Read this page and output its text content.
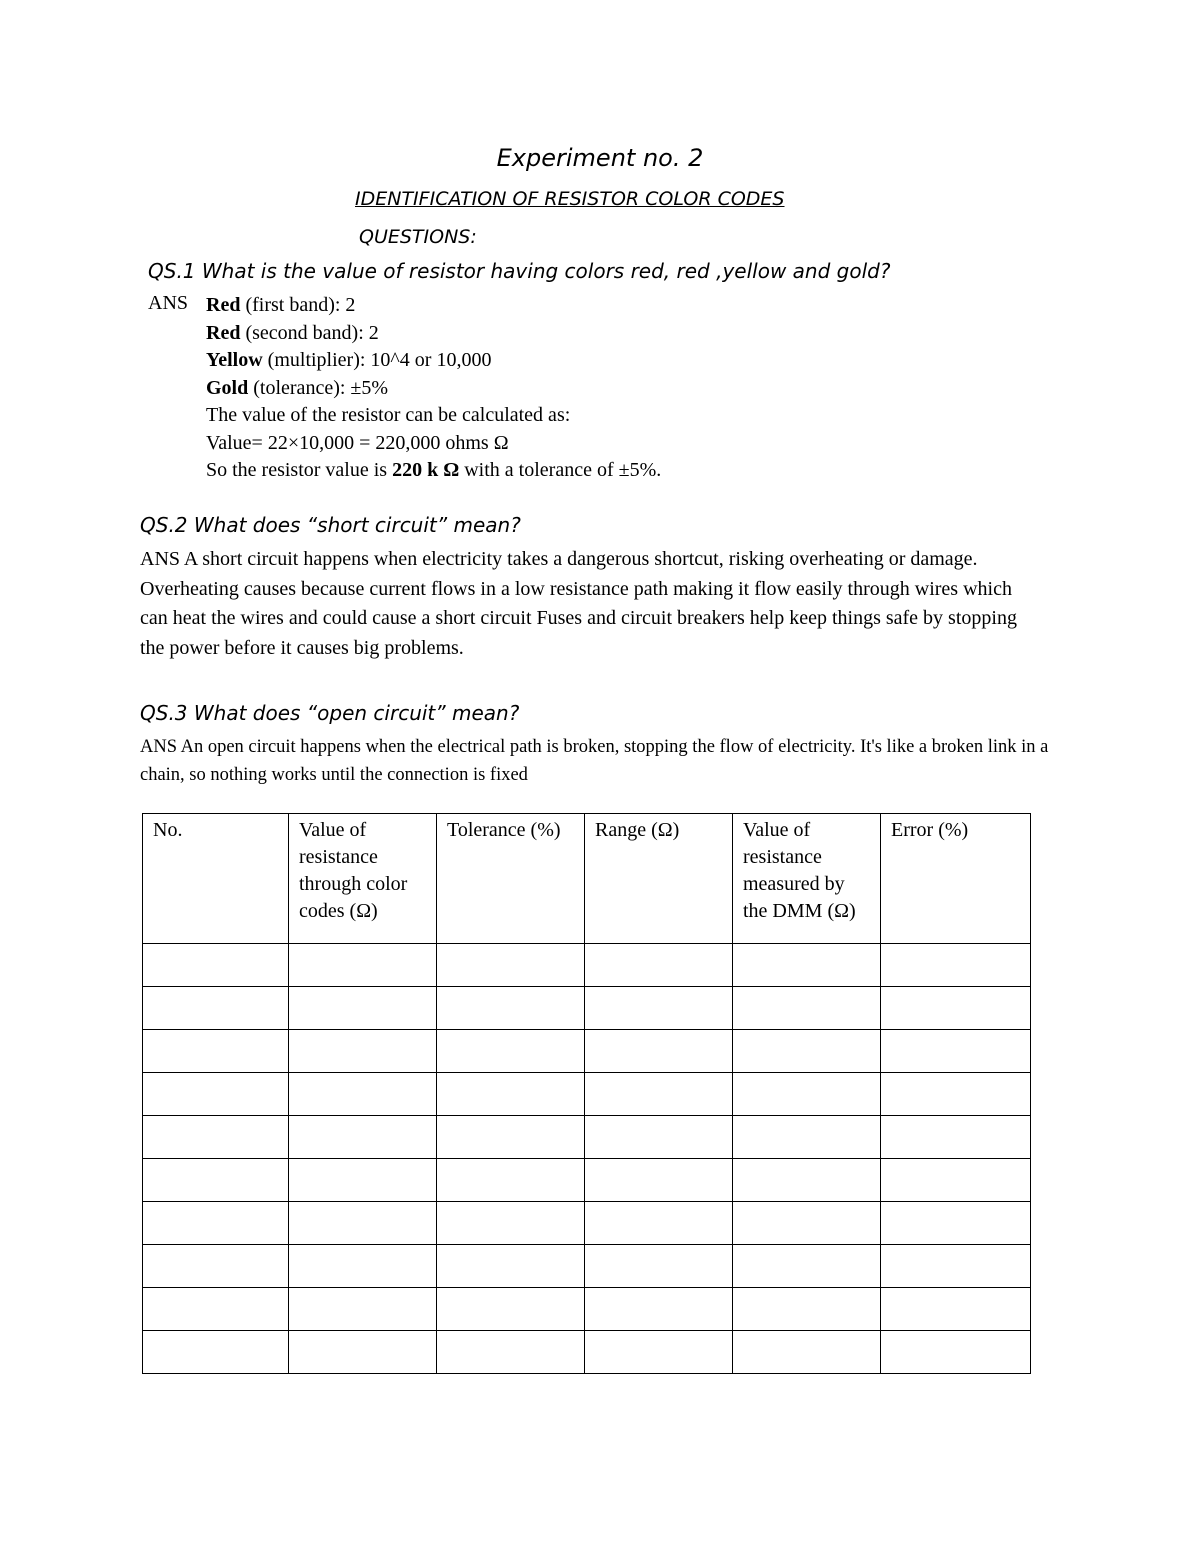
Experiment no. 2
IDENTIFICATION OF RESISTOR COLOR CODES
QUESTIONS:
QS.1 What is the value of resistor having colors red, red ,yellow and gold?
ANS Red (first band): 2
Red (second band): 2
Yellow (multiplier): 10^4 or 10,000
Gold (tolerance): ±5%
The value of the resistor can be calculated as:
Value= 22×10,000 = 220,000 ohms Ω
So the resistor value is 220 k Ω with a tolerance of ±5%.
QS.2 What does “short circuit” mean?
ANS A short circuit happens when electricity takes a dangerous shortcut, risking overheating or damage. Overheating causes because current flows in a low resistance path making it flow easily through wires which can heat the wires and could cause a short circuit Fuses and circuit breakers help keep things safe by stopping the power before it causes big problems.
QS.3 What does “open circuit” mean?
ANS An open circuit happens when the electrical path is broken, stopping the flow of electricity. It's like a broken link in a chain, so nothing works until the connection is fixed
No.	Value of resistance through color codes (Ω)	Tolerance (%)	Range (Ω)	Value of resistance measured by the DMM (Ω)	Error (%)
